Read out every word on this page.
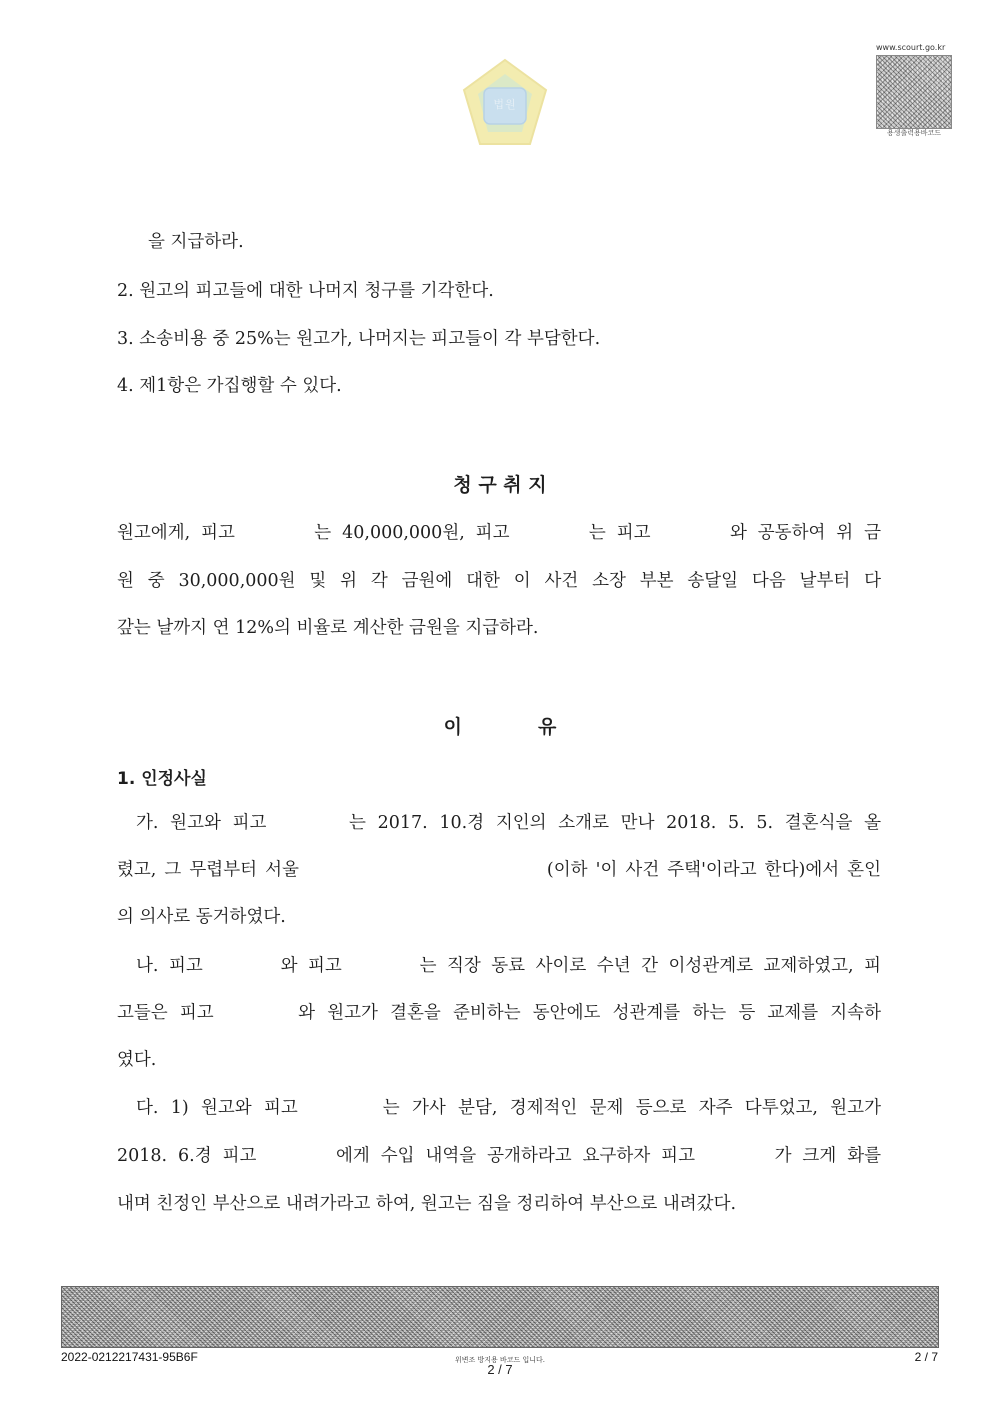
법원
www.scourt.go.kr
용생출력용바코드

을 지급하라.

2. 원고의 피고들에 대한 나머지 청구를 기각한다.

3. 소송비용 중 25%는 원고가, 나머지는 피고들이 각 부담한다.

4. 제1항은 가집행할 수 있다.

청 구 취 지

원고에게, 피고 　　　는 40,000,000원, 피고 　　　는 피고 　　　와 공동하여 위 금

원 중 30,000,000원 및 위 각 금원에 대한 이 사건 소장 부본 송달일 다음 날부터 다

갚는 날까지 연 12%의 비율로 계산한 금원을 지급하라.

이　　　　유

1. 인정사실

가. 원고와 피고 　　　는 2017. 10.경 지인의 소개로 만나 2018. 5. 5. 결혼식을 올

렸고, 그 무렵부터 서울 　　　　　　　　　　　　(이하 '이 사건 주택'이라고 한다)에서 혼인

의 의사로 동거하였다.

나. 피고 　　　와 피고 　　　는 직장 동료 사이로 수년 간 이성관계로 교제하였고, 피

고들은 피고 　　　와 원고가 결혼을 준비하는 동안에도 성관계를 하는 등 교제를 지속하

였다.

다. 1) 원고와 피고 　　　는 가사 분담, 경제적인 문제 등으로 자주 다투었고, 원고가

2018. 6.경 피고 　　　에게 수입 내역을 공개하라고 요구하자 피고 　　　가 크게 화를

내며 친정인 부산으로 내려가라고 하여, 원고는 짐을 정리하여 부산으로 내려갔다.

2022-0212217431-95B6F	위변조 방지용 바코드 입니다.
2 / 7
2 / 7
